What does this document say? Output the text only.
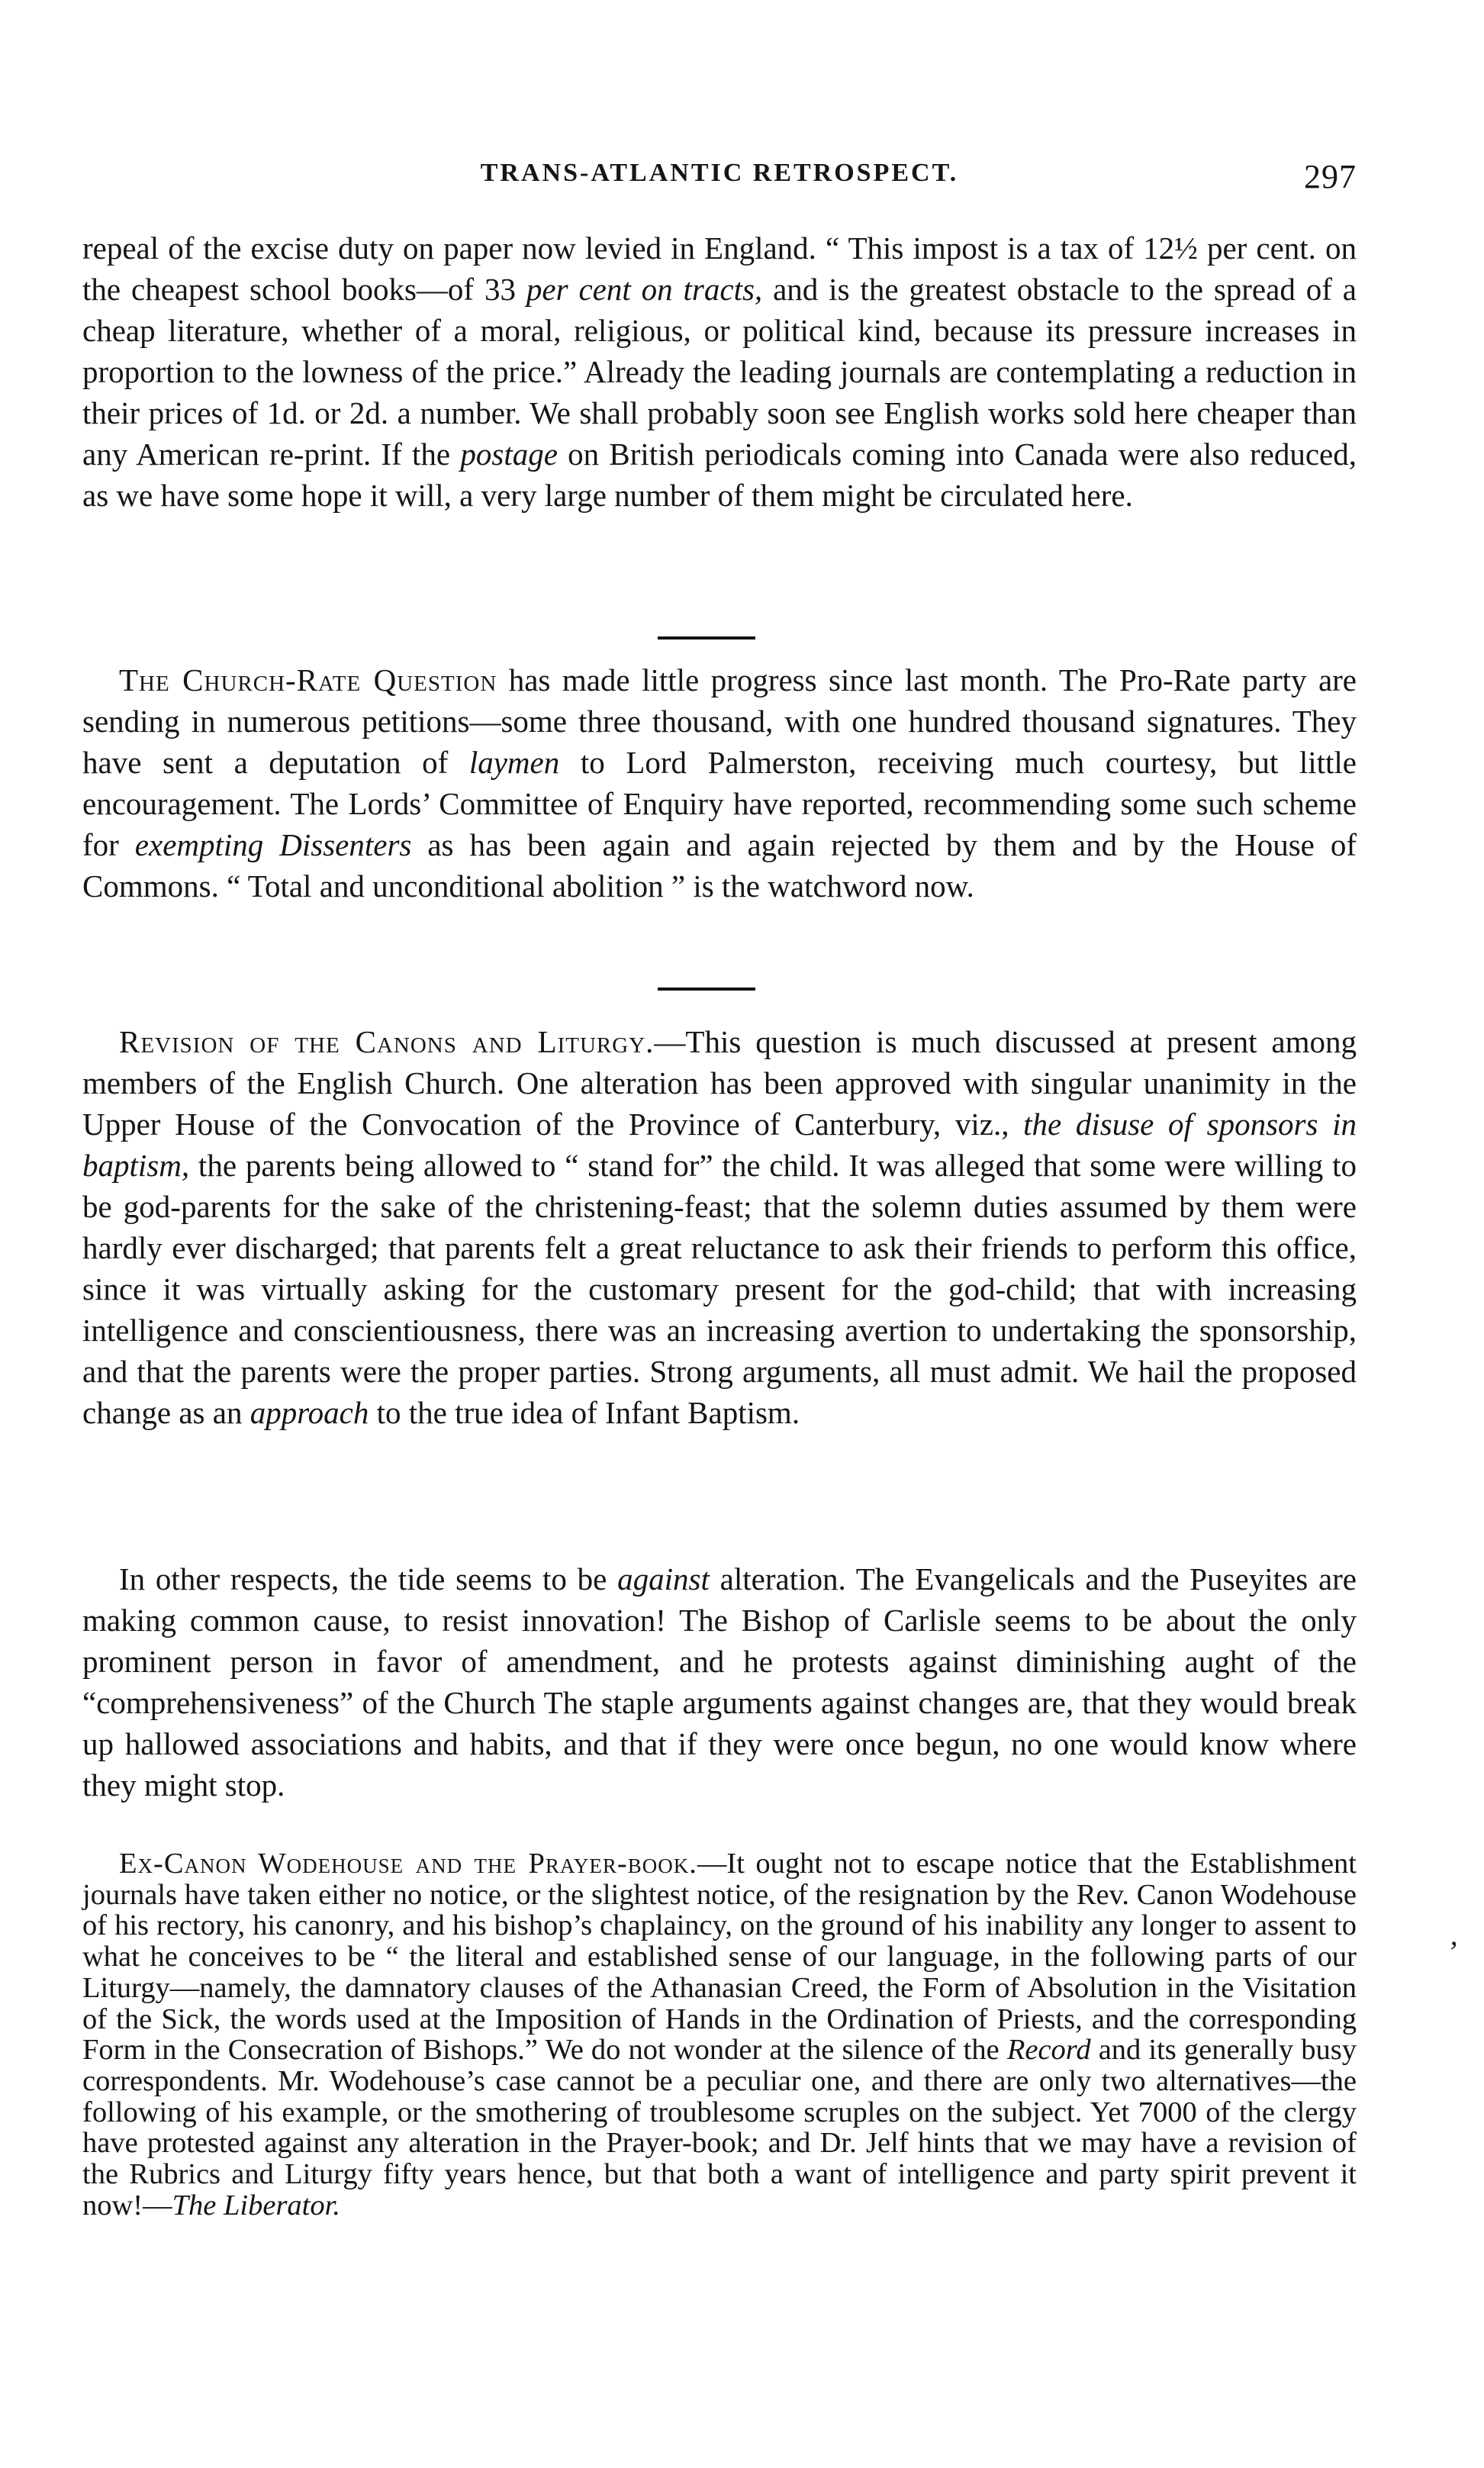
TRANS-ATLANTIC RETROSPECT.	297

repeal of the excise duty on paper now levied in England. “ This impost is a tax of 12½ per cent. on the cheapest school books—of 33 per cent on tracts, and is the greatest obstacle to the spread of a cheap literature, whether of a moral, religious, or political kind, because its pressure increases in proportion to the lowness of the price.” Already the leading journals are contemplating a reduction in their prices of 1d. or 2d. a number. We shall probably soon see English works sold here cheaper than any American re-print. If the postage on British periodicals coming into Canada were also reduced, as we have some hope it will, a very large number of them might be circulated here.

The Church-Rate Question has made little progress since last month. The Pro-Rate party are sending in numerous petitions—some three thousand, with one hundred thousand signatures. They have sent a deputation of laymen to Lord Palmerston, receiving much courtesy, but little encouragement. The Lords’ Committee of Enquiry have reported, recommending some such scheme for exempting Dissenters as has been again and again rejected by them and by the House of Commons. “ Total and unconditional abolition ” is the watchword now.

Revision of the Canons and Liturgy.—This question is much discussed at present among members of the English Church. One alteration has been approved with singular unanimity in the Upper House of the Convocation of the Province of Canterbury, viz., the disuse of sponsors in baptism, the parents being allowed to “ stand for” the child. It was alleged that some were willing to be god-parents for the sake of the christening-feast; that the solemn duties assumed by them were hardly ever discharged; that parents felt a great reluctance to ask their friends to perform this office, since it was virtually asking for the customary present for the god-child; that with increasing intelligence and conscientiousness, there was an increasing avertion to undertaking the sponsorship, and that the parents were the proper parties. Strong arguments, all must admit. We hail the proposed change as an approach to the true idea of Infant Baptism.

In other respects, the tide seems to be against alteration. The Evangelicals and the Puseyites are making common cause, to resist innovation! The Bishop of Carlisle seems to be about the only prominent person in favor of amendment, and he protests against diminishing aught of the “comprehensiveness” of the Church The staple arguments against changes are, that they would break up hallowed associations and habits, and that if they were once begun, no one would know where they might stop.

Ex-Canon Wodehouse and the Prayer-book.—It ought not to escape notice that the Establishment journals have taken either no notice, or the slightest notice, of the resignation by the Rev. Canon Wodehouse of his rectory, his canonry, and his bishop’s chaplaincy, on the ground of his inability any longer to assent to what he conceives to be “ the literal and established sense of our language, in the following parts of our Liturgy—namely, the damnatory clauses of the Athanasian Creed, the Form of Absolution in the Visitation of the Sick, the words used at the Imposition of Hands in the Ordination of Priests, and the corresponding Form in the Consecration of Bishops.” We do not wonder at the silence of the Record and its generally busy correspondents. Mr. Wodehouse’s case cannot be a peculiar one, and there are only two alternatives—the following of his example, or the smothering of troublesome scruples on the subject. Yet 7000 of the clergy have protested against any alteration in the Prayer-book; and Dr. Jelf hints that we may have a revision of the Rubrics and Liturgy fifty years hence, but that both a want of intelligence and party spirit prevent it now!—The Liberator.

’
